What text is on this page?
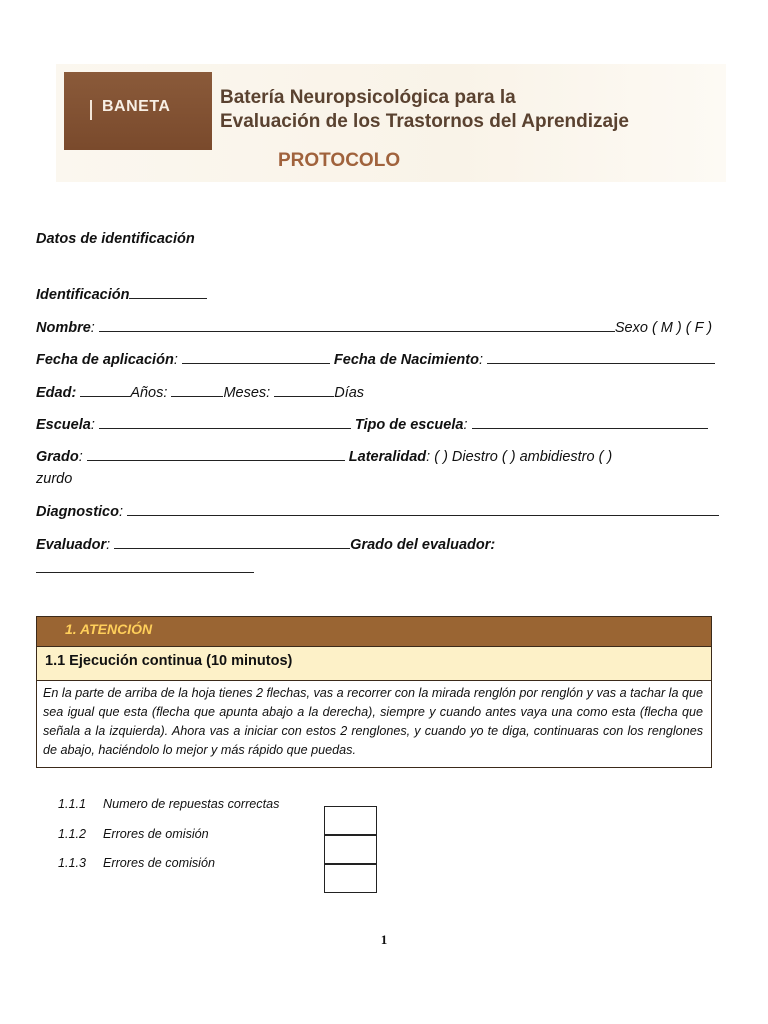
BANETA	Batería Neuropsicológica para la
Evaluación de los Trastornos del Aprendizaje
PROTOCOLO
Datos de identificación
Identificación
Nombre:	Sexo ( M ) ( F )
Fecha de aplicación:	Fecha de Nacimiento:
Edad:	Años:	Meses:	Días
Escuela:	Tipo de escuela:
Grado:	Lateralidad: ( ) Diestro ( ) ambidiestro ( )
zurdo
Diagnostico:
Evaluador:	Grado del evaluador:
1. ATENCIÓN
1.1 Ejecución continua (10 minutos)
En la parte de arriba de la hoja tienes 2 flechas, vas a recorrer con la mirada renglón por renglón y vas a tachar la que sea igual que esta (flecha que apunta abajo a la derecha), siempre y cuando antes vaya una como esta (flecha que señala a la izquierda). Ahora vas a iniciar con estos 2 renglones, y cuando yo te diga, continuaras con los renglones de abajo, haciéndolo lo mejor y más rápido que puedas.
1.1.1 Numero de repuestas correctas
1.1.2 Errores de omisión
1.1.3 Errores de comisión
1
